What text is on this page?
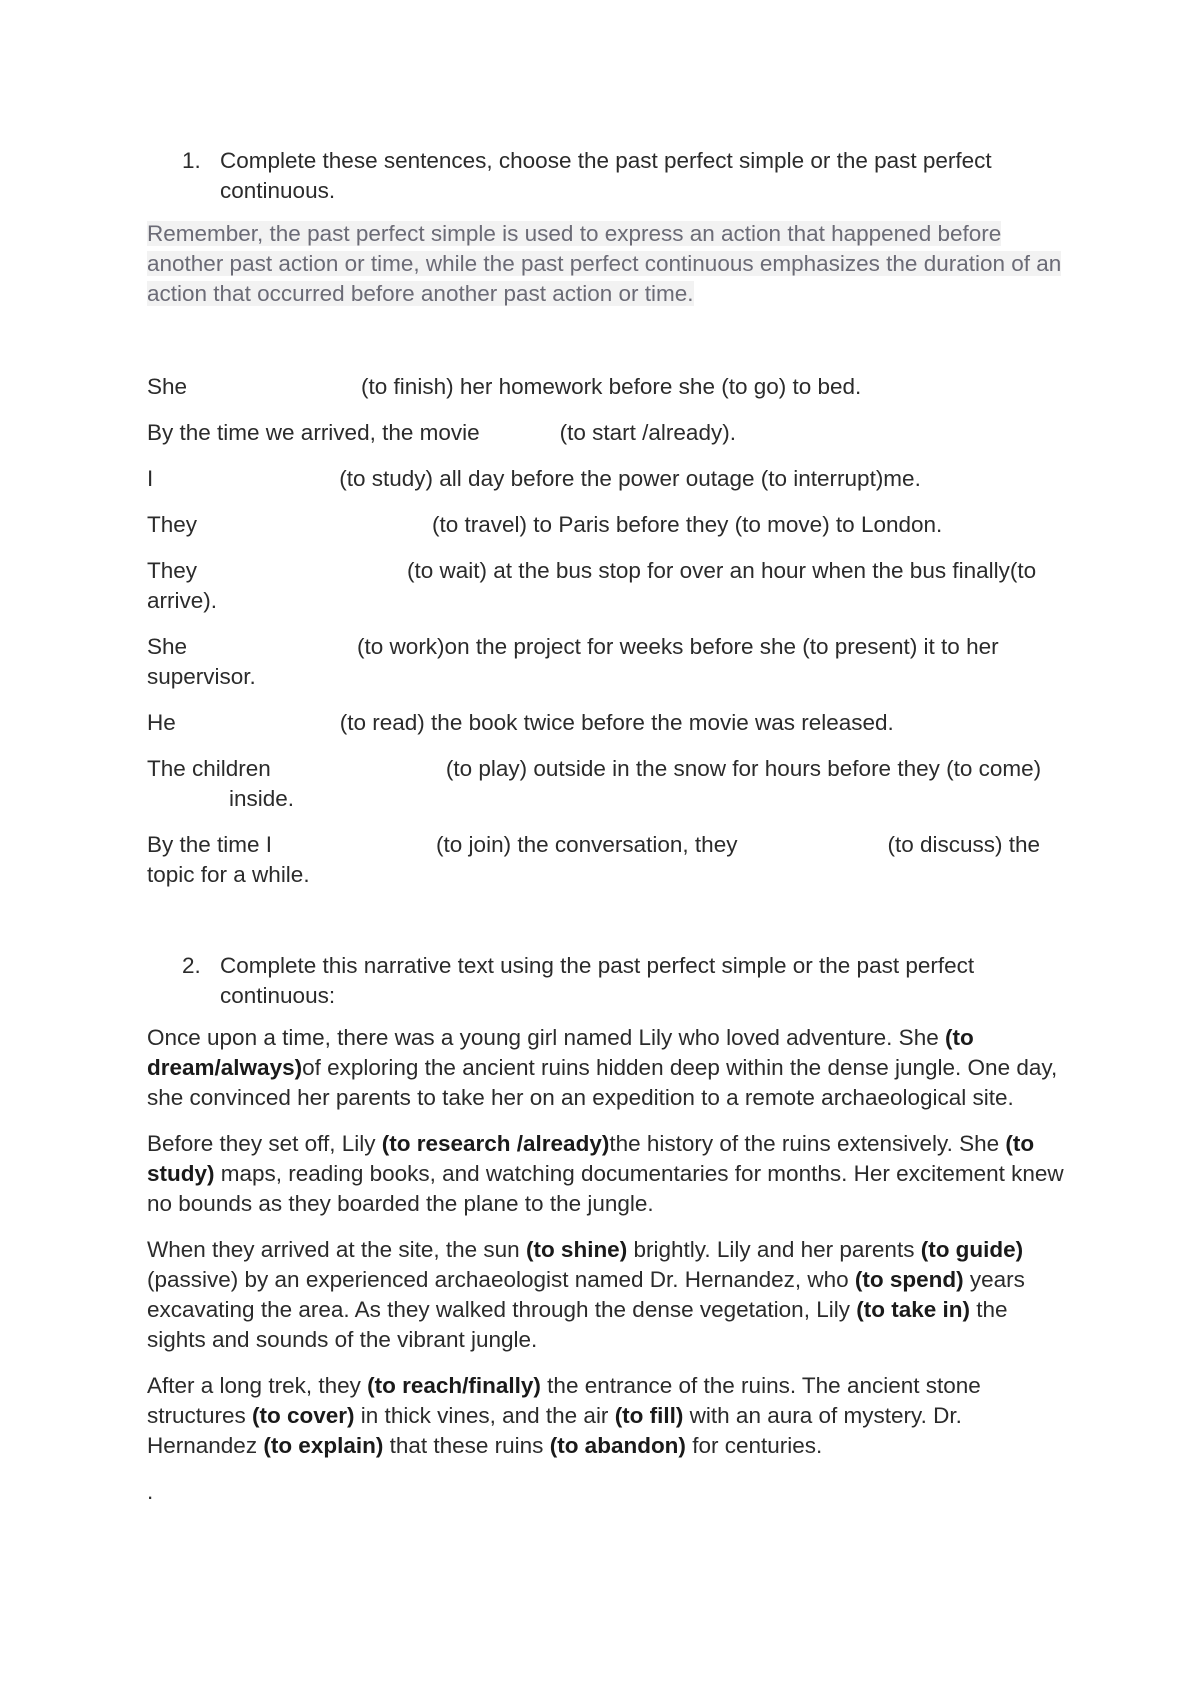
1. Complete these sentences, choose the past perfect simple or the past perfect continuous.

Remember, the past perfect simple is used to express an action that happened before another past action or time, while the past perfect continuous emphasizes the duration of an action that occurred before another past action or time.

She	(to finish) her homework before she (to go) to bed.

By the time we arrived, the movie	(to start /already).

I	(to study) all day before the power outage (to interrupt)me.

They	(to travel) to Paris before they (to move) to London.

They	(to wait) at the bus stop for over an hour when the bus finally(to arrive).

She	(to work)on the project for weeks before she (to present) it to her supervisor.

He	(to read) the book twice before the movie was released.

The children	(to play) outside in the snow for hours before they (to come)inside.

By the time I	(to join) the conversation, they	(to discuss) the topic for a while.

2. Complete this narrative text using the past perfect simple or the past perfect continuous:

Once upon a time, there was a young girl named Lily who loved adventure. She (to dream/always)of exploring the ancient ruins hidden deep within the dense jungle. One day, she convinced her parents to take her on an expedition to a remote archaeological site.

Before they set off, Lily (to research /already)the history of the ruins extensively. She (to study) maps, reading books, and watching documentaries for months. Her excitement knew no bounds as they boarded the plane to the jungle.

When they arrived at the site, the sun (to shine) brightly. Lily and her parents (to guide) (passive) by an experienced archaeologist named Dr. Hernandez, who (to spend) years excavating the area. As they walked through the dense vegetation, Lily (to take in) the sights and sounds of the vibrant jungle.

After a long trek, they (to reach/finally) the entrance of the ruins. The ancient stone structures (to cover) in thick vines, and the air (to fill) with an aura of mystery. Dr. Hernandez (to explain) that these ruins (to abandon) for centuries.

.
